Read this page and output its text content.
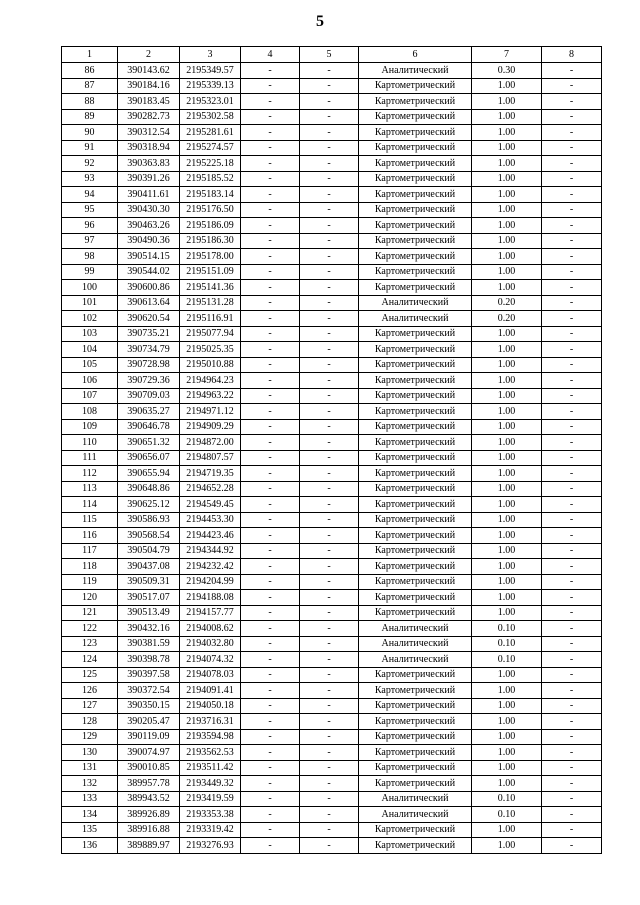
5
1	2	3	4	5	6	7	8
86	390143.62	2195349.57	-	-	Аналитический	0.30	-
87	390184.16	2195339.13	-	-	Картометрический	1.00	-
88	390183.45	2195323.01	-	-	Картометрический	1.00	-
89	390282.73	2195302.58	-	-	Картометрический	1.00	-
90	390312.54	2195281.61	-	-	Картометрический	1.00	-
91	390318.94	2195274.57	-	-	Картометрический	1.00	-
92	390363.83	2195225.18	-	-	Картометрический	1.00	-
93	390391.26	2195185.52	-	-	Картометрический	1.00	-
94	390411.61	2195183.14	-	-	Картометрический	1.00	-
95	390430.30	2195176.50	-	-	Картометрический	1.00	-
96	390463.26	2195186.09	-	-	Картометрический	1.00	-
97	390490.36	2195186.30	-	-	Картометрический	1.00	-
98	390514.15	2195178.00	-	-	Картометрический	1.00	-
99	390544.02	2195151.09	-	-	Картометрический	1.00	-
100	390600.86	2195141.36	-	-	Картометрический	1.00	-
101	390613.64	2195131.28	-	-	Аналитический	0.20	-
102	390620.54	2195116.91	-	-	Аналитический	0.20	-
103	390735.21	2195077.94	-	-	Картометрический	1.00	-
104	390734.79	2195025.35	-	-	Картометрический	1.00	-
105	390728.98	2195010.88	-	-	Картометрический	1.00	-
106	390729.36	2194964.23	-	-	Картометрический	1.00	-
107	390709.03	2194963.22	-	-	Картометрический	1.00	-
108	390635.27	2194971.12	-	-	Картометрический	1.00	-
109	390646.78	2194909.29	-	-	Картометрический	1.00	-
110	390651.32	2194872.00	-	-	Картометрический	1.00	-
111	390656.07	2194807.57	-	-	Картометрический	1.00	-
112	390655.94	2194719.35	-	-	Картометрический	1.00	-
113	390648.86	2194652.28	-	-	Картометрический	1.00	-
114	390625.12	2194549.45	-	-	Картометрический	1.00	-
115	390586.93	2194453.30	-	-	Картометрический	1.00	-
116	390568.54	2194423.46	-	-	Картометрический	1.00	-
117	390504.79	2194344.92	-	-	Картометрический	1.00	-
118	390437.08	2194232.42	-	-	Картометрический	1.00	-
119	390509.31	2194204.99	-	-	Картометрический	1.00	-
120	390517.07	2194188.08	-	-	Картометрический	1.00	-
121	390513.49	2194157.77	-	-	Картометрический	1.00	-
122	390432.16	2194008.62	-	-	Аналитический	0.10	-
123	390381.59	2194032.80	-	-	Аналитический	0.10	-
124	390398.78	2194074.32	-	-	Аналитический	0.10	-
125	390397.58	2194078.03	-	-	Картометрический	1.00	-
126	390372.54	2194091.41	-	-	Картометрический	1.00	-
127	390350.15	2194050.18	-	-	Картометрический	1.00	-
128	390205.47	2193716.31	-	-	Картометрический	1.00	-
129	390119.09	2193594.98	-	-	Картометрический	1.00	-
130	390074.97	2193562.53	-	-	Картометрический	1.00	-
131	390010.85	2193511.42	-	-	Картометрический	1.00	-
132	389957.78	2193449.32	-	-	Картометрический	1.00	-
133	389943.52	2193419.59	-	-	Аналитический	0.10	-
134	389926.89	2193353.38	-	-	Аналитический	0.10	-
135	389916.88	2193319.42	-	-	Картометрический	1.00	-
136	389889.97	2193276.93	-	-	Картометрический	1.00	-
